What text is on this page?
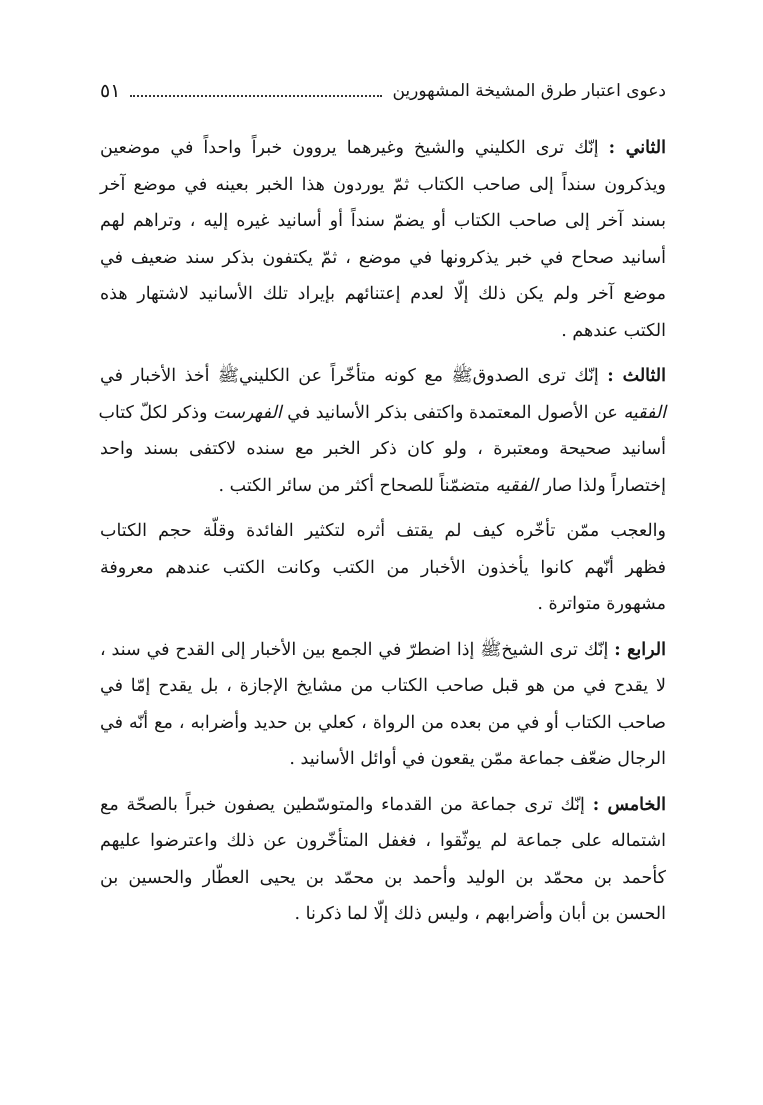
دعوى اعتبار طرق المشيخة المشهورين
٥١
الثاني : إنّك ترى الكليني والشيخ وغيرهما يروون خبراً واحداً في موضعين
ويذكرون سنداً إلى صاحب الكتاب ثمّ يوردون هذا الخبر بعينه في موضع آخر
بسند آخر إلى صاحب الكتاب أو يضمّ سنداً أو أسانيد غيره إليه ، وتراهم لهم
أسانيد صحاح في خبر يذكرونها في موضع ، ثمّ يكتفون بذكر سند ضعيف في
موضع آخر ولم يكن ذلك إلّا لعدم إعتنائهم بإيراد تلك الأسانيد لاشتهار هذه
الكتب عندهم .
الثالث : إنّك ترى الصدوقﷺ مع كونه متأخّراً عن الكلينيﷺ أخذ الأخبار في
الفقيه عن الأصول المعتمدة واكتفى بذكر الأسانيد في الفهرست وذكر لكلّ كتاب
أسانيد صحيحة ومعتبرة ، ولو كان ذكر الخبر مع سنده لاكتفى بسند واحد
إختصاراً ولذا صار الفقيه متضمّناً للصحاح أكثر من سائر الكتب .
والعجب ممّن تأخّره كيف لم يقتف أثره لتكثير الفائدة وقلّة حجم الكتاب
فظهر أنّهم كانوا يأخذون الأخبار من الكتب وكانت الكتب عندهم معروفة
مشهورة متواترة .
الرابع : إنّك ترى الشيخﷺ إذا اضطرّ في الجمع بين الأخبار إلى القدح في سند ،
لا يقدح في من هو قبل صاحب الكتاب من مشايخ الإجازة ، بل يقدح إمّا في
صاحب الكتاب أو في من بعده من الرواة ، كعلي بن حديد وأضرابه ، مع أنّه في
الرجال ضعّف جماعة ممّن يقعون في أوائل الأسانيد .
الخامس : إنّك ترى جماعة من القدماء والمتوسّطين يصفون خبراً بالصحّة مع
اشتماله على جماعة لم يوثّقوا ، فغفل المتأخّرون عن ذلك واعترضوا عليهم
كأحمد بن محمّد بن الوليد وأحمد بن محمّد بن يحيى العطّار والحسين بن
الحسن بن أبان وأضرابهم ، وليس ذلك إلّا لما ذكرنا .
